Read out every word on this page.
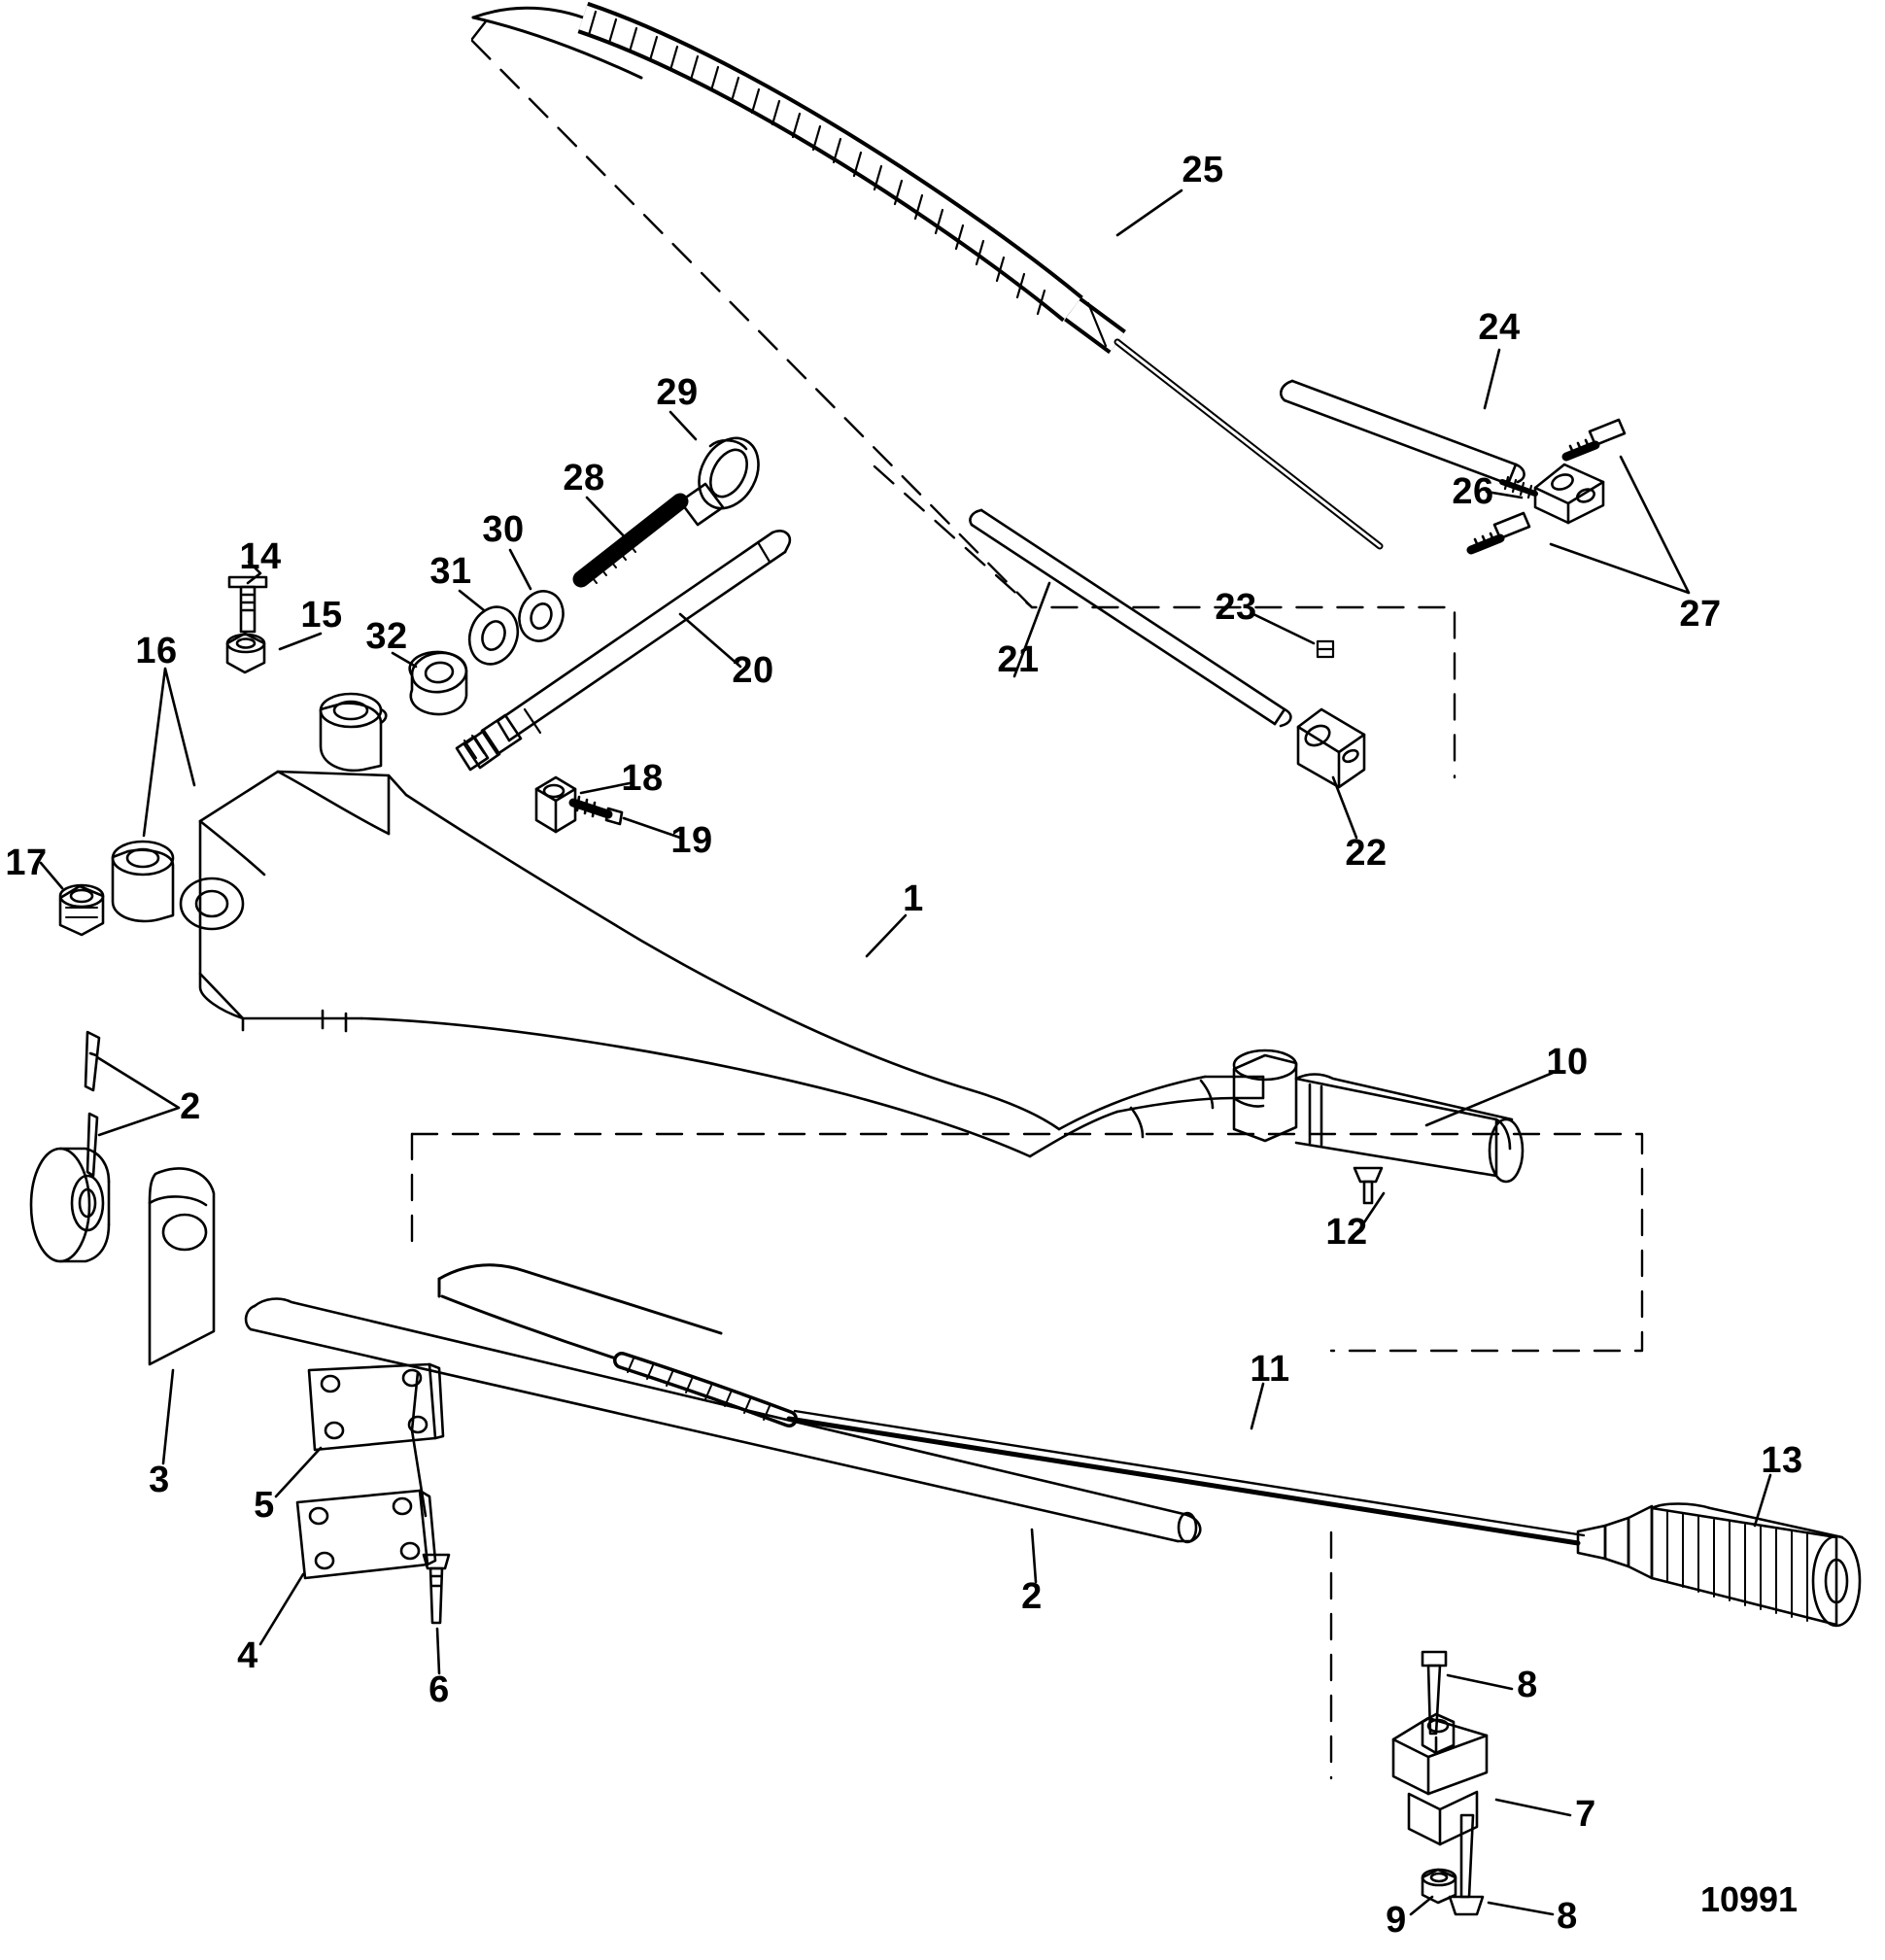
25
24
29
28
30
26
27
31
23
14
15
32
20	21
16
18
19	22
17
1
10
12
2
11
13
3
5
2
4
6	8
7
9	8	10991
